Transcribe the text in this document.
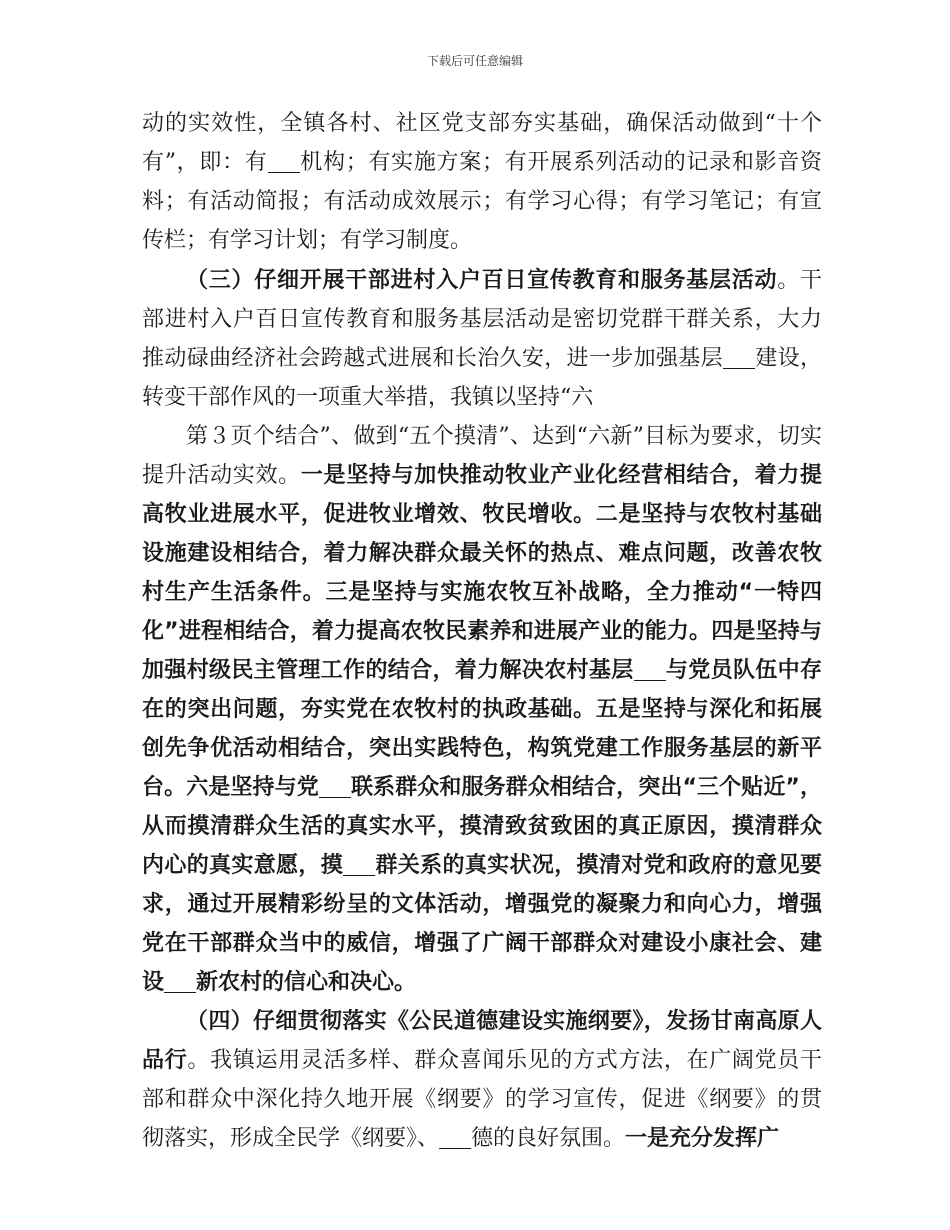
下载后可任意编辑

动的实效性，全镇各村、社区党支部夯实基础，确保活动做到“十个有”，即：有 机构；有实施方案；有开展系列活动的记录和影音资料；有活动简报；有活动成效展示；有学习心得；有学习笔记；有宣传栏；有学习计划；有学习制度。

（三）仔细开展干部进村入户百日宣传教育和服务基层活动。干部进村入户百日宣传教育和服务基层活动是密切党群干群关系，大力推动碌曲经济社会跨越式进展和长治久安，进一步加强基层 建设，转变干部作风的一项重大举措，我镇以坚持“六

第３页个结合”、做到“五个摸清”、达到“六新”目标为要求，切实提升活动实效。一是坚持与加快推动牧业产业化经营相结合，着力提高牧业进展水平，促进牧业增效、牧民增收。二是坚持与农牧村基础设施建设相结合，着力解决群众最关怀的热点、难点问题，改善农牧村生产生活条件。三是坚持与实施农牧互补战略，全力推动“一特四化”进程相结合，着力提高农牧民素养和进展产业的能力。四是坚持与加强村级民主管理工作的结合，着力解决农村基层 与党员队伍中存在的突出问题，夯实党在农牧村的执政基础。五是坚持与深化和拓展创先争优活动相结合，突出实践特色，构筑党建工作服务基层的新平台。六是坚持与党 联系群众和服务群众相结合，突出“三个贴近”，从而摸清群众生活的真实水平，摸清致贫致困的真正原因，摸清群众内心的真实意愿，摸 群关系的真实状况，摸清对党和政府的意见要求，通过开展精彩纷呈的文体活动，增强党的凝聚力和向心力，增强党在干部群众当中的威信，增强了广阔干部群众对建设小康社会、建设 新农村的信心和决心。

（四）仔细贯彻落实《公民道德建设实施纲要》，发扬甘南高原人品行。我镇运用灵活多样、群众喜闻乐见的方式方法，在广阔党员干部和群众中深化持久地开展《纲要》的学习宣传，促进《纲要》的贯彻落实，形成全民学《纲要》、 德的良好氛围。一是充分发挥广
